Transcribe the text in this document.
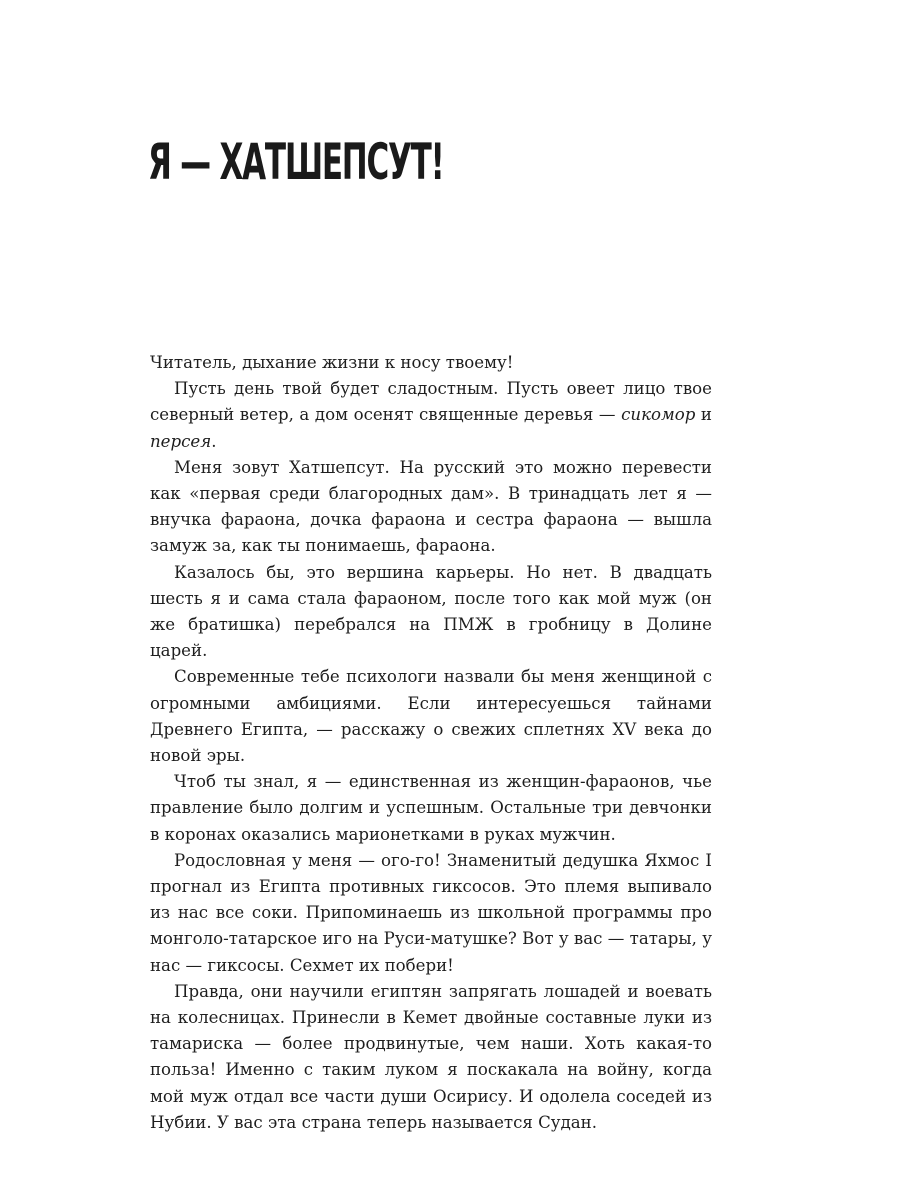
Я — ХАТШЕПСУТ!

Читатель, дыхание жизни к носу твоему!

Пусть день твой будет сладостным. Пусть овеет лицо твое северный ветер, а дом осенят священные деревья — сикомор и персея.

Меня зовут Хатшепсут. На русский это можно перевести как «первая среди благородных дам». В тринадцать лет я — внучка фараона, дочка фараона и сестра фараона — вышла замуж за, как ты понимаешь, фараона.

Казалось бы, это вершина карьеры. Но нет. В двадцать шесть я и сама стала фараоном, после того как мой муж (он же братишка) перебрался на ПМЖ в гробницу в Долине царей.

Современные тебе психологи назвали бы меня женщиной с огромными амбициями. Если интересуешься тайнами Древнего Египта, — расскажу о свежих сплетнях XV века до новой эры.

Чтоб ты знал, я — единственная из женщин-фараонов, чье правление было долгим и успешным. Остальные три девчонки в коронах оказались марионетками в руках мужчин.

Родословная у меня — ого-го! Знаменитый дедушка Яхмос I прогнал из Египта противных гиксосов. Это племя выпивало из нас все соки. Припоминаешь из школьной программы про монголо-татарское иго на Руси-матушке? Вот у вас — татары, у нас — гиксосы. Сехмет их побери!

Правда, они научили египтян запрягать лошадей и воевать на колесницах. Принесли в Кемет двойные составные луки из тамариска — более продвинутые, чем наши. Хоть какая-то польза! Именно с таким луком я поскакала на войну, когда мой муж отдал все части души Осирису. И одолела соседей из Нубии. У вас эта страна теперь называется Судан.
